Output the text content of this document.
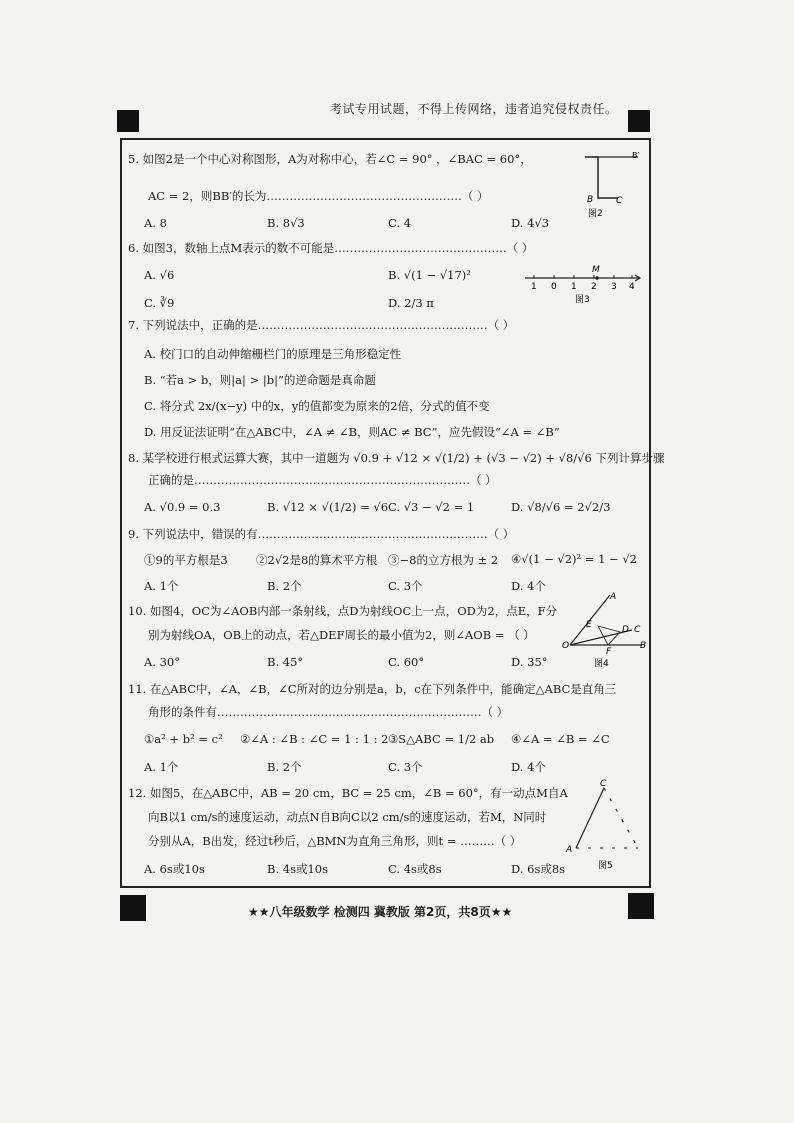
考试专用试题，不得上传网络，违者追究侵权责任。
5. 如图2是一个中心对称图形，A为对称中心，若∠C = 90° ，∠BAC = 60°，
AC = 2，则BB′的长为……………………………………………（ ）
A. 8	B. 8√3	C. 4	D. 4√3
B′
B	C
图2
6. 如图3，数轴上点M表示的数不可能是………………………………………（ ）
A. √6	B. √(1 − √17)²
C. ∛9	D. 2/3 π
M
1 0 1 2 3 4
图3
7. 下列说法中，正确的是……………………………………………………（ ）
A. 校门口的自动伸缩栅栏门的原理是三角形稳定性
B. “若a > b，则|a| > |b|”的逆命题是真命题
C. 将分式 2x/(x−y) 中的x，y的值都变为原来的2倍，分式的值不变
D. 用反证法证明“在△ABC中，∠A ≠ ∠B，则AC ≠ BC”，应先假设“∠A = ∠B”
8. 某学校进行根式运算大赛，其中一道题为 √0.9 + √12 × √(1/2) + (√3 − √2) + √8/√6 下列计算步骤
正确的是………………………………………………………………（ ）
A. √0.9 = 0.3	B. √12 × √(1/2) = √6 C. √3 − √2 = 1	D. √8/√6 = 2√2/3
9. 下列说法中，错误的有……………………………………………………（ ）
①9的平方根是3 ②2√2是8的算术平方根 ③−8的立方根为 ± 2 ④√(1 − √2)² = 1 − √2
A. 1个	B. 2个	C. 3个	D. 4个
10. 如图4，OC为∠AOB内部一条射线，点D为射线OC上一点，OD为2，点E，F分
别为射线OA，OB上的动点，若△DEF周长的最小值为2，则∠AOB = （ ）
A. 30°	B. 45°	C. 60°	D. 35°
A
E	D C
O
F
B
图4
11. 在△ABC中，∠A，∠B，∠C所对的边分别是a，b，c在下列条件中，能确定△ABC是直角三
角形的条件有……………………………………………………………（ ）
①a² + b² = c² ②∠A : ∠B : ∠C = 1 : 1 : 2 ③S△ABC = 1/2 ab ④∠A = ∠B = ∠C
A. 1个	B. 2个	C. 3个	D. 4个
12. 如图5，在△ABC中，AB = 20 cm，BC = 25 cm，∠B = 60°，有一动点M自A
向B以1 cm/s的速度运动，动点N自B向C以2 cm/s的速度运动，若M，N同时
分别从A，B出发，经过t秒后，△BMN为直角三角形，则t = ………（ ）
A. 6s或10s	B. 4s或10s	C. 4s或8s	D. 6s或8s
C
A
图5
★★八年级数学 检测四 冀教版 第2页，共8页★★
